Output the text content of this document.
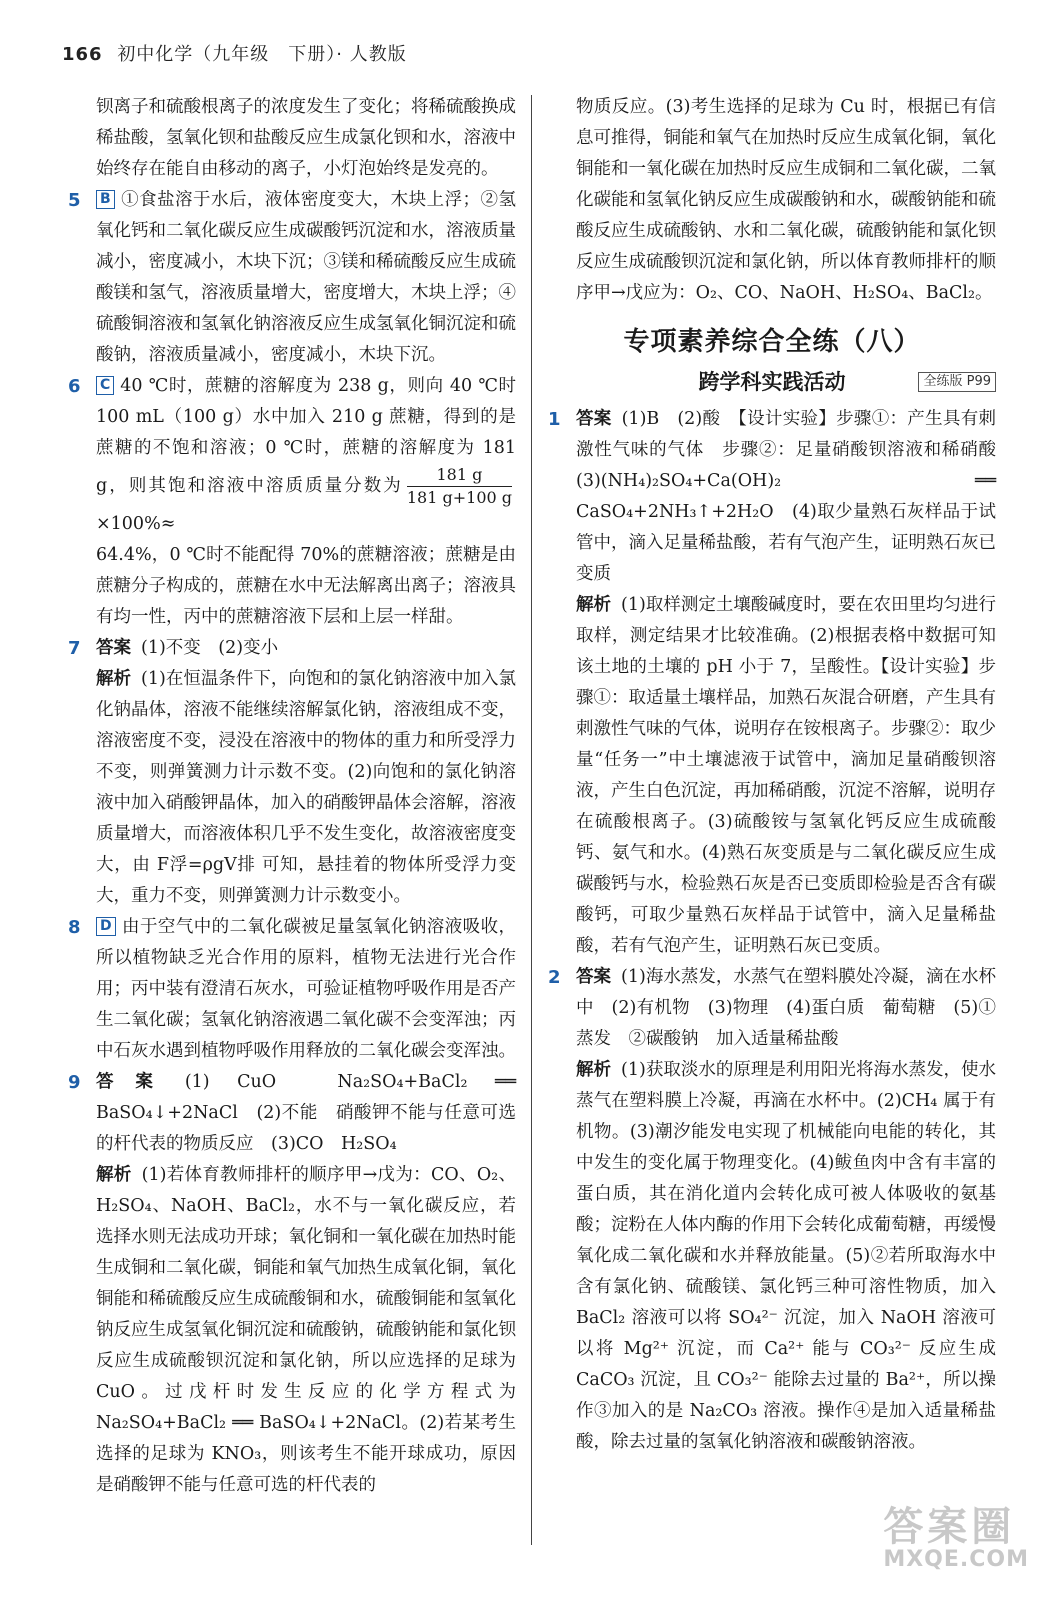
166 初中化学（九年级　下册）· 人教版

钡离子和硫酸根离子的浓度发生了变化；将稀硫酸换成稀盐酸，氢氧化钡和盐酸反应生成氯化钡和水，溶液中始终存在能自由移动的离子，小灯泡始终是发亮的。

5 B ①食盐溶于水后，液体密度变大，木块上浮；②氢氧化钙和二氧化碳反应生成碳酸钙沉淀和水，溶液质量减小，密度减小，木块下沉；③镁和稀硫酸反应生成硫酸镁和氢气，溶液质量增大，密度增大，木块上浮；④硫酸铜溶液和氢氧化钠溶液反应生成氢氧化铜沉淀和硫酸钠，溶液质量减小，密度减小，木块下沉。

6 C 40 ℃时，蔗糖的溶解度为 238 g，则向 40 ℃时 100 mL（100 g）水中加入 210 g 蔗糖，得到的是蔗糖的不饱和溶液；0 ℃时，蔗糖的溶解度为 181 g，则其饱和溶液中溶质质量分数为 $\frac{181 g}{181 g+100 g}$
×100%≈

64.4%，0 ℃时不能配得 70%的蔗糖溶液；蔗糖是由蔗糖分子构成的，蔗糖在水中无法解离出离子；溶液具有均一性，丙中的蔗糖溶液下层和上层一样甜。

7 答案 (1)不变　(2)变小

解析 (1)在恒温条件下，向饱和的氯化钠溶液中加入氯化钠晶体，溶液不能继续溶解氯化钠，溶液组成不变，溶液密度不变，浸没在溶液中的物体的重力和所受浮力不变，则弹簧测力计示数不变。(2)向饱和的氯化钠溶液中加入硝酸钾晶体，加入的硝酸钾晶体会溶解，溶液质量增大，而溶液体积几乎不发生变化，故溶液密度变大，由 F浮=ρgV排 可知，悬挂着的物体所受浮力变大，重力不变，则弹簧测力计示数变小。

8 D 由于空气中的二氧化碳被足量氢氧化钠溶液吸收，所以植物缺乏光合作用的原料，植物无法进行光合作用；丙中装有澄清石灰水，可验证植物呼吸作用是否产生二氧化碳；氢氧化钠溶液遇二氧化碳不会变浑浊；丙中石灰水遇到植物呼吸作用释放的二氧化碳会变浑浊。

9 答案 (1) CuO　Na₂SO₄+BaCl₂ ══ BaSO₄↓+2NaCl　(2)不能　硝酸钾不能与任意可选的杆代表的物质反应　(3)CO　H₂SO₄

解析 (1)若体育教师排杆的顺序甲→戊为：CO、O₂、H₂SO₄、NaOH、BaCl₂，水不与一氧化碳反应，若选择水则无法成功开球；氧化铜和一氧化碳在加热时能生成铜和二氧化碳，铜能和氧气加热生成氧化铜，氧化铜能和稀硫酸反应生成硫酸铜和水，硫酸铜能和氢氧化钠反应生成氢氧化铜沉淀和硫酸钠，硫酸钠能和氯化钡反应生成硫酸钡沉淀和氯化钠，所以应选择的足球为 CuO。过戊杆时发生反应的化学方程式为 Na₂SO₄+BaCl₂ ══ BaSO₄↓+2NaCl。(2)若某考生选择的足球为 KNO₃，则该考生不能开球成功，原因是硝酸钾不能与任意可选的杆代表的

物质反应。(3)考生选择的足球为 Cu 时，根据已有信息可推得，铜能和氧气在加热时反应生成氧化铜，氧化铜能和一氧化碳在加热时反应生成铜和二氧化碳，二氧化碳能和氢氧化钠反应生成碳酸钠和水，碳酸钠能和硫酸反应生成硫酸钠、水和二氧化碳，硫酸钠能和氯化钡反应生成硫酸钡沉淀和氯化钠，所以体育教师排杆的顺序甲→戊应为：O₂、CO、NaOH、H₂SO₄、BaCl₂。

专项素养综合全练（八）
跨学科实践活动	全练版 P99
1 答案 (1)B　(2)酸　【设计实验】步骤①：产生具有刺激性气味的气体　步骤②：足量硝酸钡溶液和稀硝酸　(3)(NH₄)₂SO₄+Ca(OH)₂ ══ CaSO₄+2NH₃↑+2H₂O　(4)取少量熟石灰样品于试管中，滴入足量稀盐酸，若有气泡产生，证明熟石灰已变质

解析 (1)取样测定土壤酸碱度时，要在农田里均匀进行取样，测定结果才比较准确。(2)根据表格中数据可知该土地的土壤的 pH 小于 7，呈酸性。【设计实验】步骤①：取适量土壤样品，加熟石灰混合研磨，产生具有刺激性气味的气体，说明存在铵根离子。步骤②：取少量“任务一”中土壤滤液于试管中，滴加足量硝酸钡溶液，产生白色沉淀，再加稀硝酸，沉淀不溶解，说明存在硫酸根离子。(3)硫酸铵与氢氧化钙反应生成硫酸钙、氨气和水。(4)熟石灰变质是与二氧化碳反应生成碳酸钙与水，检验熟石灰是否已变质即检验是否含有碳酸钙，可取少量熟石灰样品于试管中，滴入足量稀盐酸，若有气泡产生，证明熟石灰已变质。

2 答案 (1)海水蒸发，水蒸气在塑料膜处冷凝，滴在水杯中　(2)有机物　(3)物理　(4)蛋白质　葡萄糖　(5)①蒸发　②碳酸钠　加入适量稀盐酸

解析 (1)获取淡水的原理是利用阳光将海水蒸发，使水蒸气在塑料膜上冷凝，再滴在水杯中。(2)CH₄ 属于有机物。(3)潮汐能发电实现了机械能向电能的转化，其中发生的变化属于物理变化。(4)鲅鱼肉中含有丰富的蛋白质，其在消化道内会转化成可被人体吸收的氨基酸；淀粉在人体内酶的作用下会转化成葡萄糖，再缓慢氧化成二氧化碳和水并释放能量。(5)②若所取海水中含有氯化钠、硫酸镁、氯化钙三种可溶性物质，加入 BaCl₂ 溶液可以将 SO₄²⁻ 沉淀，加入 NaOH 溶液可以将 Mg²⁺ 沉淀，而 Ca²⁺ 能与 CO₃²⁻ 反应生成 CaCO₃ 沉淀，且 CO₃²⁻ 能除去过量的 Ba²⁺，所以操作③加入的是 Na₂CO₃ 溶液。操作④是加入适量稀盐酸，除去过量的氢氧化钠溶液和碳酸钠溶液。

答案圈
MXQE.COM
